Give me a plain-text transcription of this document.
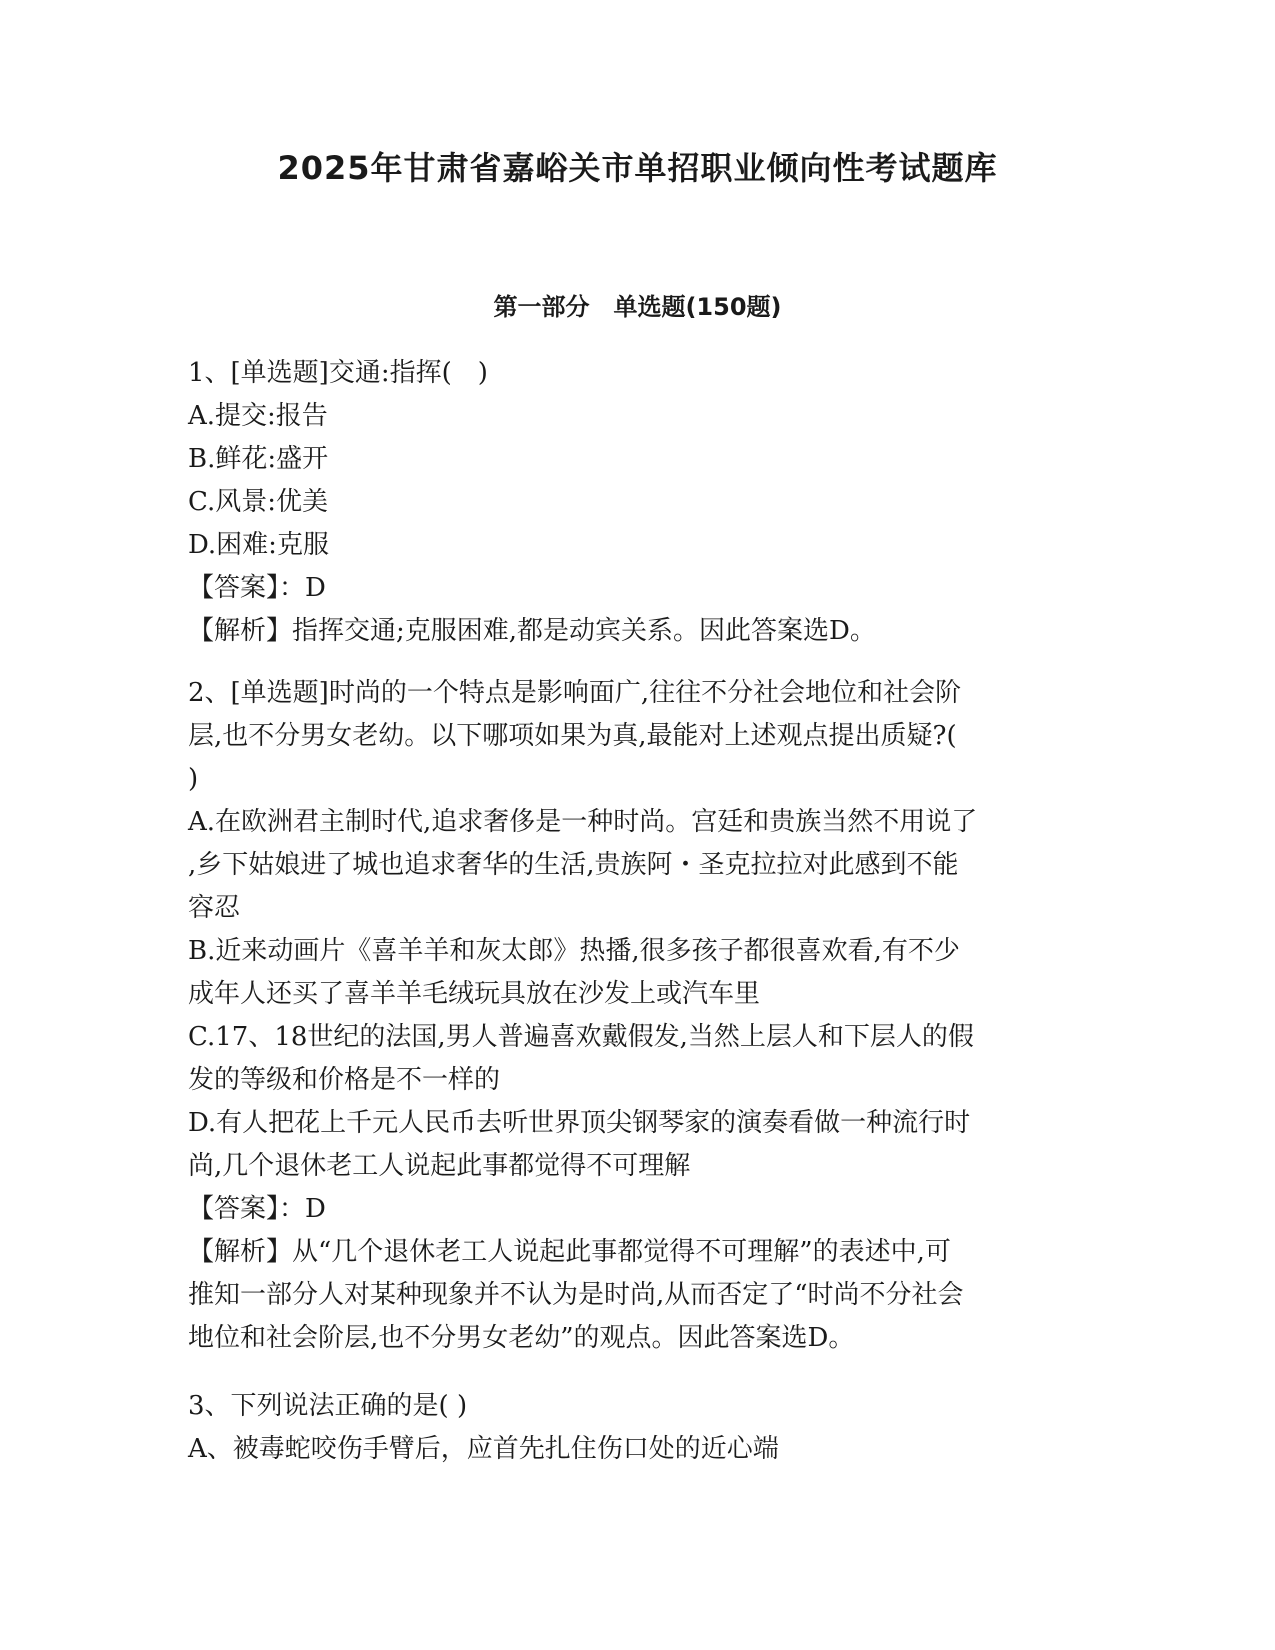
2025年甘肃省嘉峪关市单招职业倾向性考试题库
第一部分　单选题(150题)
1、[单选题]交通:指挥(　)
A.提交:报告
B.鲜花:盛开
C.风景:优美
D.困难:克服
【答案】：D
【解析】指挥交通;克服困难,都是动宾关系。因此答案选D。
2、[单选题]时尚的一个特点是影响面广,往往不分社会地位和社会阶
层,也不分男女老幼。以下哪项如果为真,最能对上述观点提出质疑?(
)
A.在欧洲君主制时代,追求奢侈是一种时尚。宫廷和贵族当然不用说了
,乡下姑娘进了城也追求奢华的生活,贵族阿・圣克拉拉对此感到不能
容忍
B.近来动画片《喜羊羊和灰太郎》热播,很多孩子都很喜欢看,有不少
成年人还买了喜羊羊毛绒玩具放在沙发上或汽车里
C.17、18世纪的法国,男人普遍喜欢戴假发,当然上层人和下层人的假
发的等级和价格是不一样的
D.有人把花上千元人民币去听世界顶尖钢琴家的演奏看做一种流行时
尚,几个退休老工人说起此事都觉得不可理解
【答案】：D
【解析】从“几个退休老工人说起此事都觉得不可理解”的表述中,可
推知一部分人对某种现象并不认为是时尚,从而否定了“时尚不分社会
地位和社会阶层,也不分男女老幼”的观点。因此答案选D。
3、下列说法正确的是( )
A、被毒蛇咬伤手臂后，应首先扎住伤口处的近心端
